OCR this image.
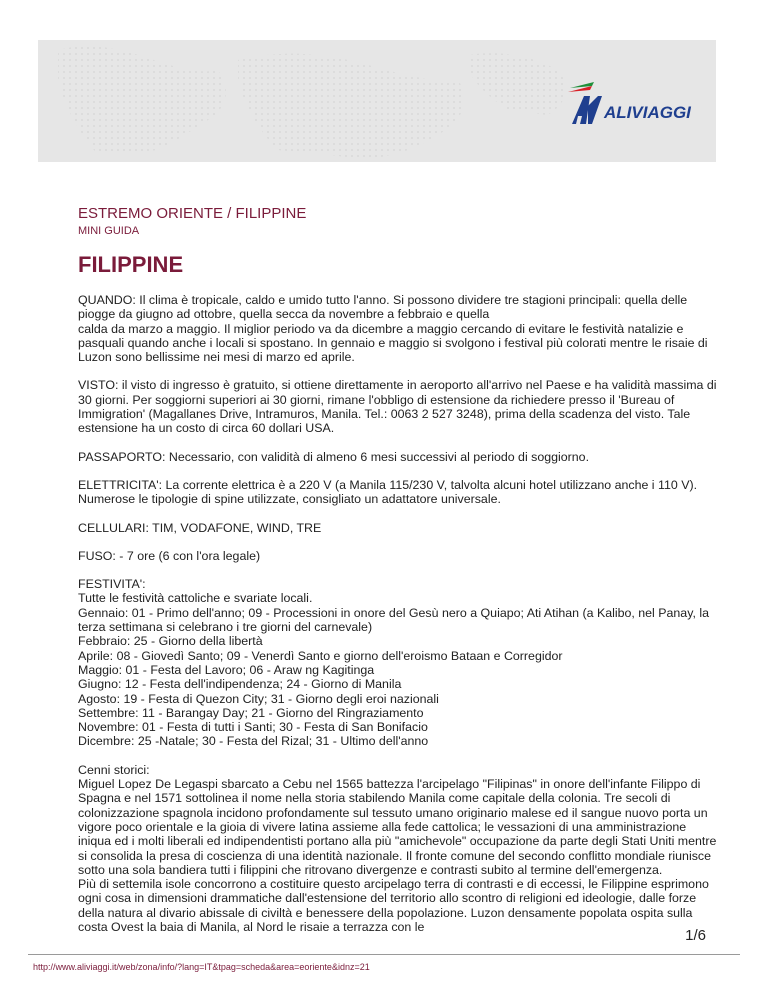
ALIVIAGGI
ESTREMO ORIENTE / FILIPPINE
MINI GUIDA
FILIPPINE

QUANDO: Il clima è tropicale, caldo e umido tutto l'anno. Si possono dividere tre stagioni principali: quella delle piogge da giugno ad ottobre, quella secca da novembre a febbraio e quella
calda da marzo a maggio. Il miglior periodo va da dicembre a maggio cercando di evitare le festività natalizie e pasquali quando anche i locali si spostano. In gennaio e maggio si svolgono i festival più colorati mentre le risaie di Luzon sono bellissime nei mesi di marzo ed aprile.

VISTO: il visto di ingresso è gratuito, si ottiene direttamente in aeroporto all'arrivo nel Paese e ha validità massima di 30 giorni. Per soggiorni superiori ai 30 giorni, rimane l'obbligo di estensione da richiedere presso il 'Bureau of Immigration' (Magallanes Drive, Intramuros, Manila. Tel.: 0063 2 527 3248), prima della scadenza del visto. Tale estensione ha un costo di circa 60 dollari USA.

PASSAPORTO: Necessario, con validità di almeno 6 mesi successivi al periodo di soggiorno.

ELETTRICITA': La corrente elettrica è a 220 V (a Manila 115/230 V, talvolta alcuni hotel utilizzano anche i 110 V). Numerose le tipologie di spine utilizzate, consigliato un adattatore universale.

CELLULARI: TIM, VODAFONE, WIND, TRE

FUSO: - 7 ore (6 con l'ora legale)

FESTIVITA':
Tutte le festività cattoliche e svariate locali.
Gennaio: 01 - Primo dell'anno; 09 - Processioni in onore del Gesù nero a Quiapo; Ati Atihan (a Kalibo, nel Panay, la terza settimana si celebrano i tre giorni del carnevale)
Febbraio: 25 - Giorno della libertà
Aprile: 08 - Giovedì Santo; 09 - Venerdì Santo e giorno dell'eroismo Bataan e Corregidor
Maggio: 01 - Festa del Lavoro; 06 - Araw ng Kagitinga
Giugno: 12 - Festa dell'indipendenza; 24 - Giorno di Manila
Agosto: 19 - Festa di Quezon City; 31 - Giorno degli eroi nazionali
Settembre: 11 - Barangay Day; 21 - Giorno del Ringraziamento
Novembre: 01 - Festa di tutti i Santi; 30 - Festa di San Bonifacio
Dicembre: 25 -Natale; 30 - Festa del Rizal; 31 - Ultimo dell'anno

Cenni storici:
Miguel Lopez De Legaspi sbarcato a Cebu nel 1565 battezza l'arcipelago "Filipinas" in onore dell'infante Filippo di Spagna e nel 1571 sottolinea il nome nella storia stabilendo Manila come capitale della colonia. Tre secoli di colonizzazione spagnola incidono profondamente sul tessuto umano originario malese ed il sangue nuovo porta un vigore poco orientale e la gioia di vivere latina assieme alla fede cattolica; le vessazioni di una amministrazione iniqua ed i molti liberali ed indipendentisti portano alla più "amichevole" occupazione da parte degli Stati Uniti mentre si consolida la presa di coscienza di una identità nazionale. Il fronte comune del secondo conflitto mondiale riunisce sotto una sola bandiera tutti i filippini che ritrovano divergenze e contrasti subito al termine dell'emergenza.
Più di settemila isole concorrono a costituire questo arcipelago terra di contrasti e di eccessi, le Filippine esprimono ogni cosa in dimensioni drammatiche dall'estensione del territorio allo scontro di religioni ed ideologie, dalle forze della natura al divario abissale di civiltà e benessere della popolazione. Luzon densamente popolata ospita sulla costa Ovest la baia di Manila, al Nord le risaie a terrazza con le

1/6
http://www.aliviaggi.it/web/zona/info/?lang=IT&tpag=scheda&area=eoriente&idnz=21
